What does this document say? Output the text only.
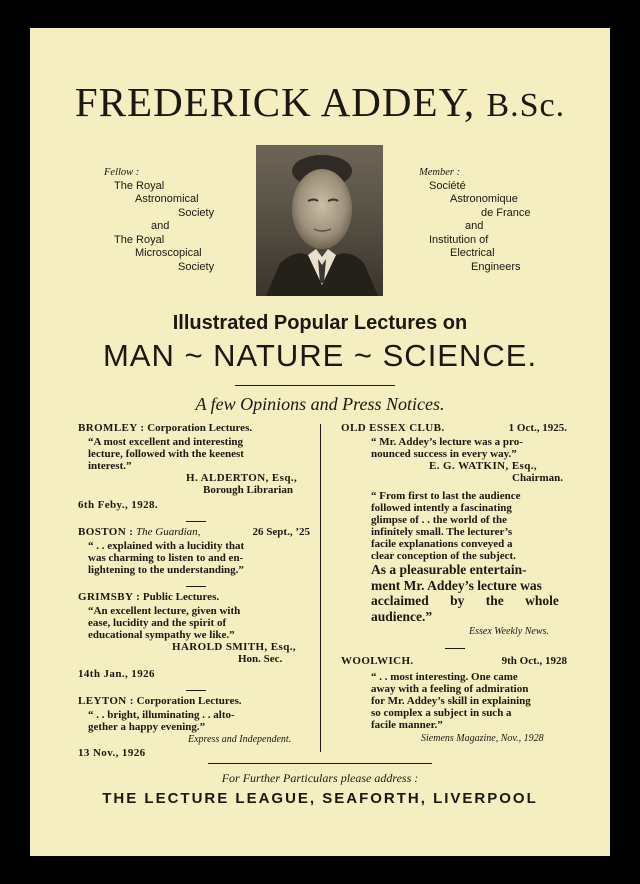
FREDERICK ADDEY, B.Sc.
Fellow :
The Royal
Astronomical
Society
and
The Royal
Microscopical
Society
Member :
Société
Astronomique
de France
and
Institution of
Electrical
Engineers
Illustrated Popular Lectures on
MAN ~ NATURE ~ SCIENCE.
A few Opinions and Press Notices.
BROMLEY : Corporation Lectures.
“A most excellent and interesting
lecture, followed with the keenest
interest.”
H. ALDERTON, Esq.,
Borough Librarian
6th Feby., 1928.
BOSTON : The Guardian,	26 Sept., ’25
“ . . explained with a lucidity that
was charming to listen to and en-
lightening to the understanding.”
GRIMSBY : Public Lectures.
“An excellent lecture, given with
ease, lucidity and the spirit of
educational sympathy we like.”
HAROLD SMITH, Esq.,
Hon. Sec.
14th Jan., 1926
LEYTON : Corporation Lectures.
“ . . bright, illuminating . . alto-
gether a happy evening.”
Express and Independent.
13 Nov., 1926
OLD ESSEX CLUB.	1 Oct., 1925.
“ Mr. Addey’s lecture was a pro-
nounced success in every way.”
E. G. WATKIN, Esq.,
Chairman.
“ From first to last the audience
followed intently a fascinating
glimpse of . . the world of the
infinitely small. The lecturer’s
facile explanations conveyed a
clear conception of the subject.
As a pleasurable entertain-
ment Mr. Addey’s lecture was
acclaimed by the whole
audience.”
Essex Weekly News.
WOOLWICH.	9th Oct., 1928
“ . . most interesting. One came
away with a feeling of admiration
for Mr. Addey’s skill in explaining
so complex a subject in such a
facile manner.”
Siemens Magazine, Nov., 1928
For Further Particulars please address :
THE LECTURE LEAGUE, SEAFORTH, LIVERPOOL
